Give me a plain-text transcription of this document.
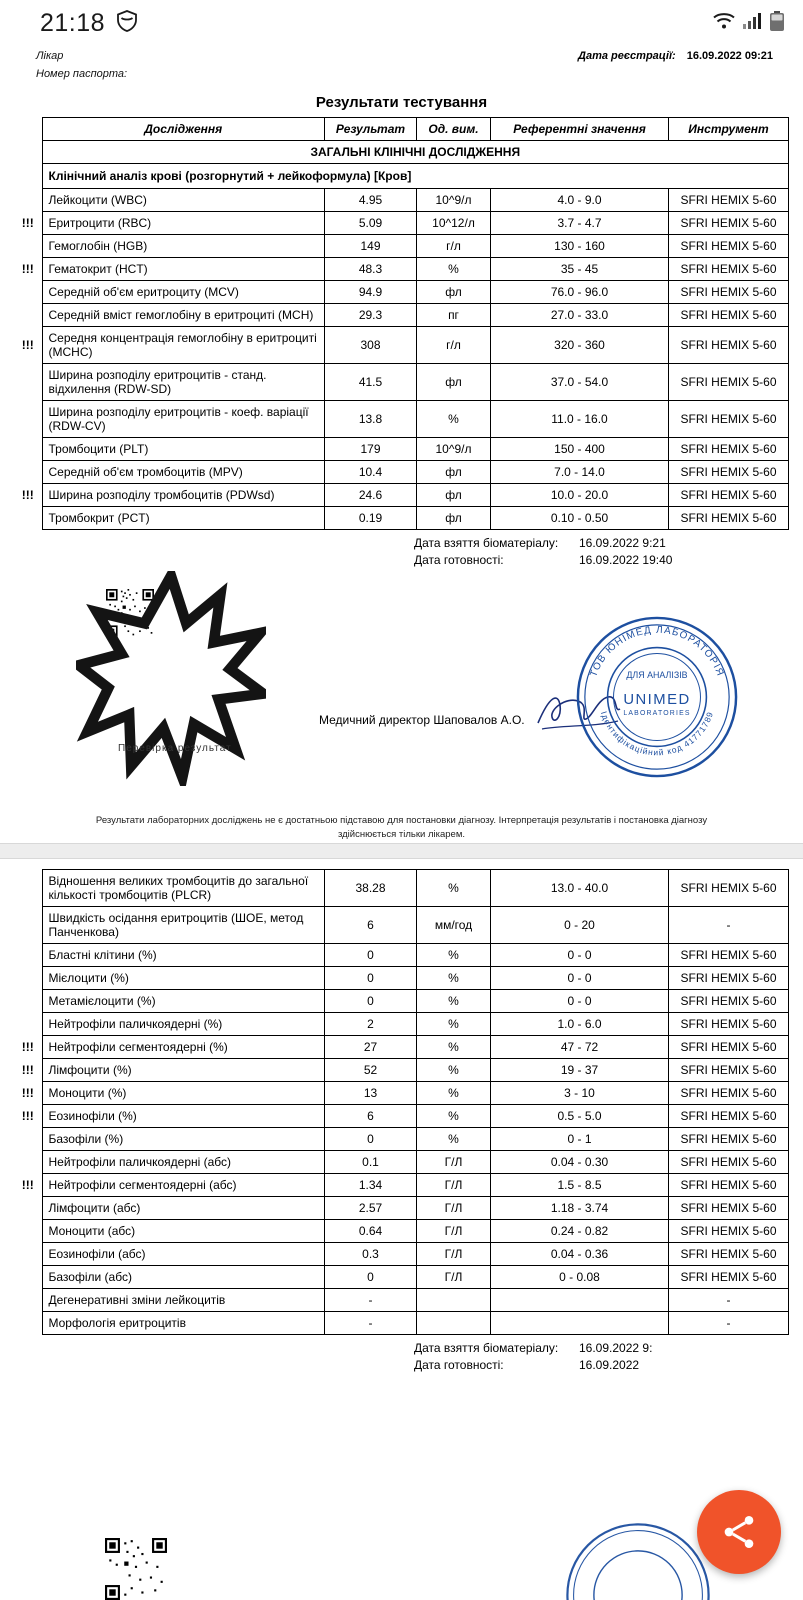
21:18
Лікар
Номер паспорта:
Дата реєстрації: 16.09.2022 09:21
Результати тестування
	Дослідження	Результат	Од. вим.	Референтні значення	Инструмент
	ЗАГАЛЬНІ КЛІНІЧНІ ДОСЛІДЖЕННЯ				
	Клінічний аналіз крові (розгорнутий + лейкоформула) [Кров]				
	Лейкоцити (WBC)	4.95	10^9/л	4.0 - 9.0	SFRI HEMIX 5-60
!!!	Еритроцити (RBC)	5.09	10^12/л	3.7 - 4.7	SFRI HEMIX 5-60
	Гемоглобін (HGB)	149	г/л	130 - 160	SFRI HEMIX 5-60
!!!	Гематокрит (HCT)	48.3	%	35 - 45	SFRI HEMIX 5-60
	Середній об'єм еритроциту (MCV)	94.9	фл	76.0 - 96.0	SFRI HEMIX 5-60
	Середній вміст гемоглобіну в еритроциті (MCH)	29.3	пг	27.0 - 33.0	SFRI HEMIX 5-60
!!!	Середня концентрація гемоглобіну в еритроциті (MCHC)	308	г/л	320 - 360	SFRI HEMIX 5-60
	Ширина розподілу еритроцитів - станд. відхилення (RDW-SD)	41.5	фл	37.0 - 54.0	SFRI HEMIX 5-60
	Ширина розподілу еритроцитів - коеф. варіації (RDW-CV)	13.8	%	11.0 - 16.0	SFRI HEMIX 5-60
	Тромбоцити (PLT)	179	10^9/л	150 - 400	SFRI HEMIX 5-60
	Середній об'єм тромбоцитів (MPV)	10.4	фл	7.0 - 14.0	SFRI HEMIX 5-60
!!!	Ширина розподілу тромбоцитів (PDWsd)	24.6	фл	10.0 - 20.0	SFRI HEMIX 5-60
	Тромбокрит (PCT)	0.19	фл	0.10 - 0.50	SFRI HEMIX 5-60
Дата взяття біоматеріалу:	16.09.2022 9:21
Дата готовності:	16.09.2022 19:40
Перевірка результат
Медичний директор Шаповалов А.О.
ТОВ ЮНІМЕД ЛАБОРАТОРІЯ
Ідентифікаційний код 41771789
ДЛЯ АНАЛІЗІВ
UNIMED
LABORATORIES
Результати лабораторних досліджень не є достатньою підставою для постановки діагнозу. Інтерпретація результатів і постановка діагнозу здійснюється тільки лікарем.
	Відношення великих тромбоцитів до загальної кількості тромбоцитів (PLCR)	38.28	%	13.0 - 40.0	SFRI HEMIX 5-60
	Швидкість осідання еритроцитів (ШОЕ, метод Панченкова)	6	мм/год	0 - 20	-
	Бластні клітини (%)	0	%	0 - 0	SFRI HEMIX 5-60
	Мієлоцити (%)	0	%	0 - 0	SFRI HEMIX 5-60
	Метамієлоцити (%)	0	%	0 - 0	SFRI HEMIX 5-60
	Нейтрофіли паличкоядерні (%)	2	%	1.0 - 6.0	SFRI HEMIX 5-60
!!!	Нейтрофіли сегментоядерні (%)	27	%	47 - 72	SFRI HEMIX 5-60
!!!	Лімфоцити (%)	52	%	19 - 37	SFRI HEMIX 5-60
!!!	Моноцити (%)	13	%	3 - 10	SFRI HEMIX 5-60
!!!	Еозинофіли (%)	6	%	0.5 - 5.0	SFRI HEMIX 5-60
	Базофіли (%)	0	%	0 - 1	SFRI HEMIX 5-60
	Нейтрофіли паличкоядерні (абс)	0.1	Г/Л	0.04 - 0.30	SFRI HEMIX 5-60
!!!	Нейтрофіли сегментоядерні (абс)	1.34	Г/Л	1.5 - 8.5	SFRI HEMIX 5-60
	Лімфоцити (абс)	2.57	Г/Л	1.18 - 3.74	SFRI HEMIX 5-60
	Моноцити (абс)	0.64	Г/Л	0.24 - 0.82	SFRI HEMIX 5-60
	Еозинофіли (абс)	0.3	Г/Л	0.04 - 0.36	SFRI HEMIX 5-60
	Базофіли (абс)	0	Г/Л	0 - 0.08	SFRI HEMIX 5-60
	Дегенеративні зміни лейкоцитів	-			-
	Морфологія еритроцитів	-			-
Дата взяття біоматеріалу:	16.09.2022 9:
Дата готовності:	16.09.2022
